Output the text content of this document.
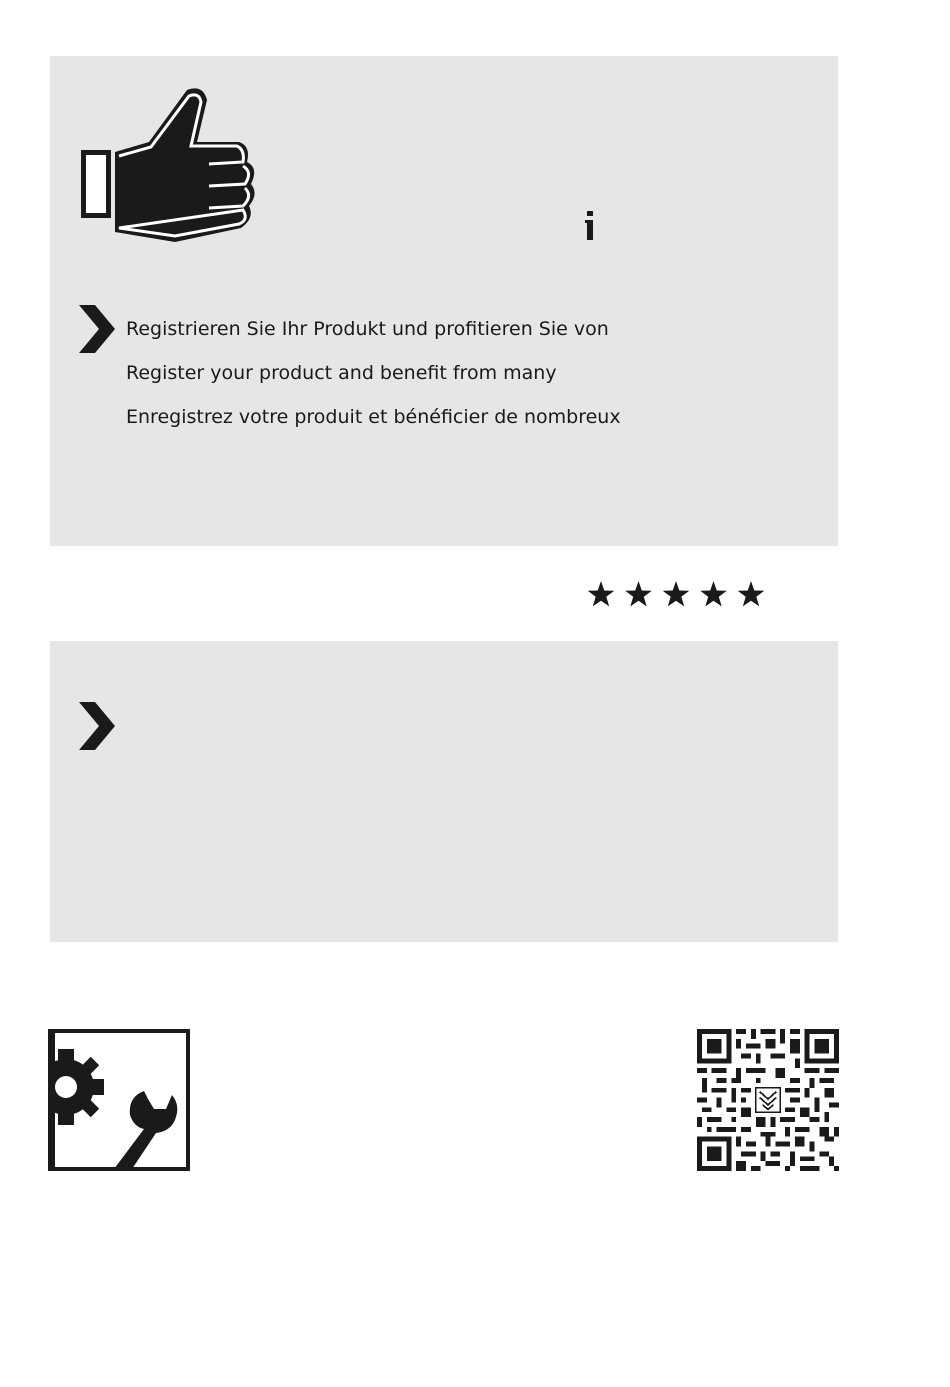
Registrieren Sie Ihr Produkt und profitieren Sie von
Register your product and benefit from many
Enregistrez votre produit et bénéficier de nombreux
